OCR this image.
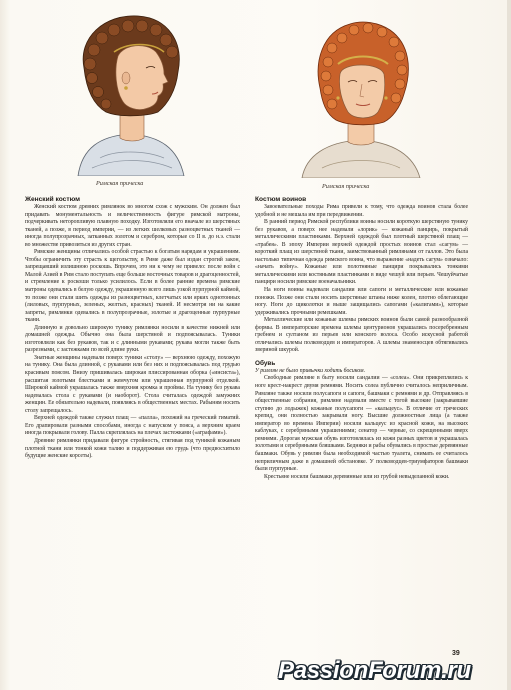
Римская прическа	Римская прическа
Женский костюм

Женский костюм древних римлянок во многом схож с мужским. Он должен был придавать монументальность и величественность фигуре римской матроны, подчеркивать неторопливую плавную походку. Изготовляли его вначале из шерстяных тканей, а позже, в период империи, — из легких шелковых разноцветных тканей — иногда полупрозрачных, затканных золотом и серебром, которые со II в. до н.э. стали во множестве привозиться из других стран.

Римские женщины отличались особой страстью к богатым нарядам и украшениям. Чтобы ограничить эту страсть к щегольству, в Риме даже был издан строгий закон, запрещавший излишнюю роскошь. Впрочем, это ни к чему не привело: после войн с Малой Азией в Рим стало поступать еще больше восточных товаров и драгоценностей, и стремление к роскоши только усилилось. Если в более ранние времена римские матроны одевались в белую одежду, украшенную всего лишь узкой пурпурной каймой, то позже они стали шить одежды из разноцветных, клетчатых или ярких однотонных (лиловых, пурпурных, зеленых, желтых, красных) тканей. И несмотря ни на какие запреты, римлянки одевались в полупрозрачные, золотые и драгоценные пурпурные ткани.

Длинную и довольно широкую тунику римлянки носили в качестве нижней или домашней одежды. Обычно она была шерстяной и подпоясывалась. Туники изготовляли как без рукавов, так и с длинными рукавами; рукава могли также быть разрезными, с застежками по всей длине руки.

Знатные женщины надевали поверх туники «столу» — верхнюю одежду, похожую на тунику. Она была длинной, с рукавами или без них и подпоясывалась под грудью красивым поясом. Внизу пришивалась широкая плиссированная оборка («инсиста»), расшитая золотыми блестками и жемчугом или украшенная пурпурной отделкой. Широкой каймой украшалась также вверхняя кромка и проймы. На тунику без рукава надевалась стола с рукавами (и наоборот). Стола считалась одеждой замужних женщин. Ее обязательно надевали, появляясь в общественных местах. Рабыням носить столу запрещалось.

Верхней одеждой также служил плащ — «палла», похожий на греческий гиматий. Его драпировали разными способами, иногда с напуском у пояса, а верхним краем иногда покрывали голову. Палла скреплялась на плечах застежками («аграфами»).

Древние римлянки придавали фигуре стройность, стягивая под туникой кожаным плотной ткани или тонкой кожи талию и поддерживая ею грудь (что предвосхитило будущие женские корсеты).

Костюм воинов

Завоевательные походы Рима привели к тому, что одежда воинов стала более удобной и не мешала им при передвижении.

В ранний период Римской республики воины носили короткую шерстяную тунику без рукавов, а поверх нее надевали «лорик» — кожаный панцирь, покрытый металлическими пластинками. Верхней одеждой был плотный шерстяной плащ — «трабея». В эпоху Империи верхней одеждой простых воинов стал «сагум» — короткий плащ из шерстяной ткани, заимствованный римлянами от галлов. Это была настолько типичная одежда римского воина, что выражение «надеть сагум» означало: «начать войну». Кожаные или полотняные панцири покрывались тонкими металлическими или костяными пластинками в виде чешуй или перьев. Чешуйчатые панцири носили римские военачальники.

На ноги воины надевали сандалии или сапоги и металлические или кожаные поножи. Позже они стали носить шерстяные штаны ниже колен, плотно облегающие ногу. Ноги до щиколотки и выше защищались сапогами («калигами»), которые удерживались прочными ремешками.

Металлические или кожаные шлемы римских воинов были самой разнообразной формы. В императорские времена шлемы центурионов украшались посеребренным гребнем и султаном из перьев или конского волоса. Особо искусной работой отличались шлемы полководцев и императоров. А шлемы знаменосцев обтягивались звериной шкурой.

Обувь

У римлян не было привычки ходить босиком.

Свободные римляне в быту носили сандалии — «солеа». Они прикреплялись к ноге крест-накрест двумя ремнями. Носить солеа публично считалось неприличным. Римляне также носили полусапоги и сапоги, башмаки с ремнями и др. Отправляясь в общественные собрания, римляне надевали вместе с тогой высокие (закрывавшие ступню до лодыжек) кожаные полусапоги — «кальцеус». В отличие от греческих крепид, они полностью закрывали ногу. Высшие должностные лица (а также император во времена Империи) носили кальцеус из красной кожи, на высоких каблуках, с серебряными украшениями; сенатор — черные, со скрещенными вверх ремнями. Дорогая мужская обувь изготовлялась из кожи разных цветов и украшалась золотыми и серебряными бляшками. Бедняки и рабы обувались в простые деревянные башмаки. Обувь у римлян была необходимой частью туалета, снимать ее считалось неприличным даже в домашней обстановке. У полководцев-триумфаторов башмаки были пурпурные.

Крестьяне носили башмаки деревянные или из грубой невыделанной кожи.

39
PassionForum.ru
